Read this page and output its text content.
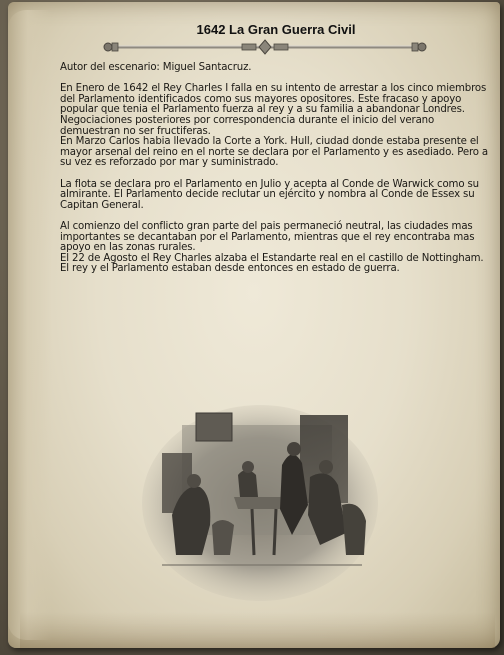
1642 La Gran Guerra Civil

Autor del escenario: Miguel Santacruz.

En Enero de 1642 el Rey Charles I falla en su intento de arrestar a los cinco miembros del Parlamento identificados como sus mayores opositores. Este fracaso y apoyo popular que tenia el Parlamento fuerza al rey y a su familia a abandonar Londres.

Negociaciones posteriores por correspondencia durante el inicio del verano demuestran no ser fructiferas.

En Marzo Carlos habia llevado la Corte a York. Hull, ciudad donde estaba presente el mayor arsenal del reino en el norte se declara por el Parlamento y es asediado. Pero a su vez es reforzado por mar y suministrado.

La flota se declara pro el Parlamento en Julio y acepta al Conde de Warwick como su almirante. El Parlamento decide reclutar un ejército y nombra al Conde de Essex su Capitan General.

Al comienzo del conflicto gran parte del pais permaneció neutral, las ciudades mas importantes se decantaban por el Parlamento, mientras que el rey encontraba mas apoyo en las zonas rurales.

El 22 de Agosto el Rey Charles alzaba el Estandarte real en el castillo de Nottingham. El rey y el Parlamento estaban desde entonces en estado de guerra.
